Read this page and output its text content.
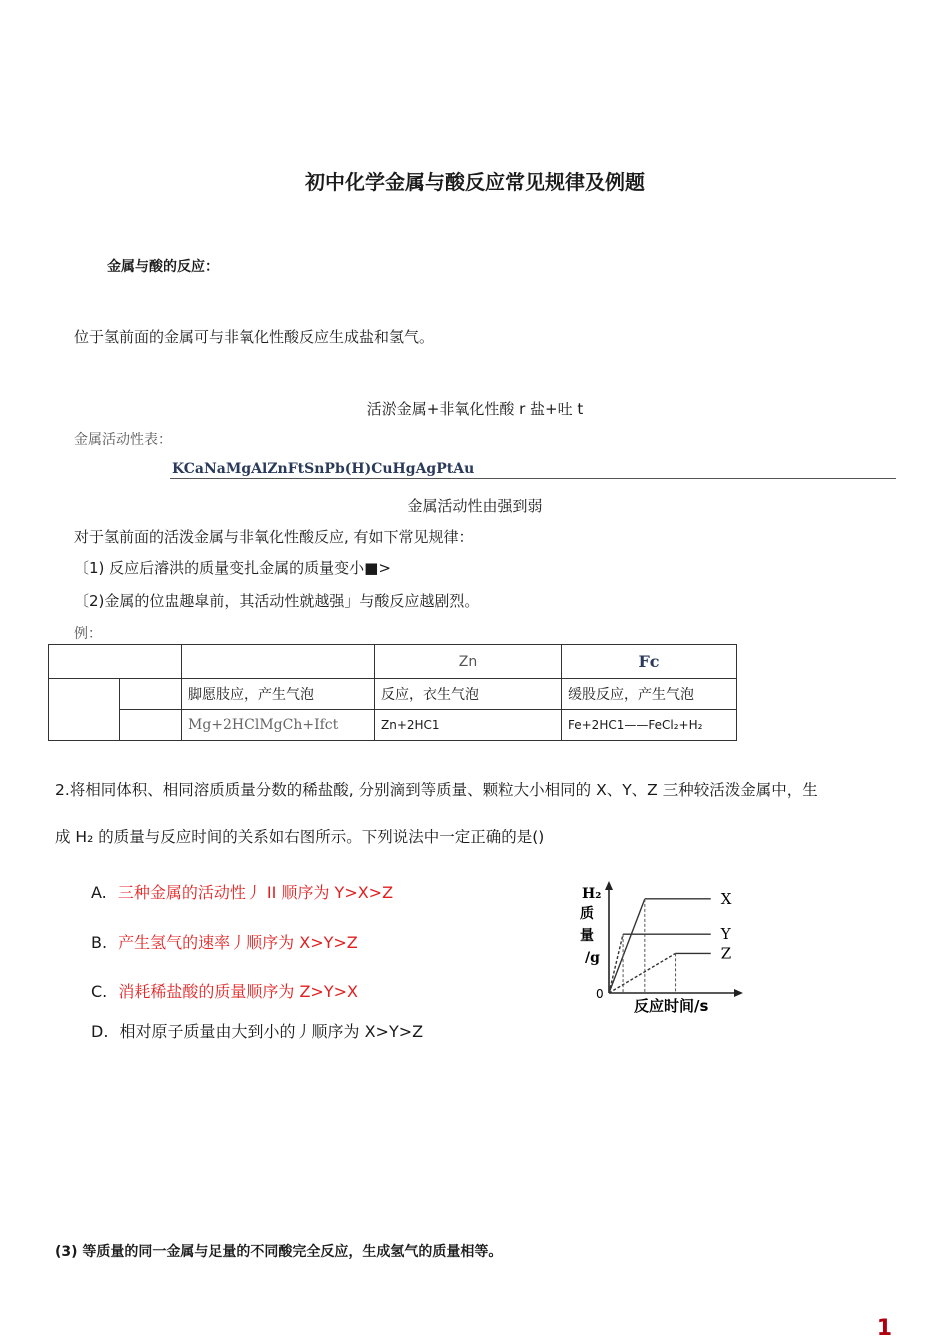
初中化学金属与酸反应常见规律及例题
金属与酸的反应：
位于氢前面的金属可与非氧化性酸反应生成盐和氢气。
活淤金属+非氧化性酸 r 盐+吐 t
金属活动性表：
KCaNaMgAlZnFtSnPb(H)CuHgAgPtAu
金属活动性由强到弱
对于氢前面的活泼金属与非氧化性酸反应, 有如下常见规律：
〔1) 反应后濬洪的质量变扎金属的质量变小■>
〔2)金属的位盅趣皐前，其活动性就越强」与酸反应越剧烈。
例：
			Zn	Fc
		脚愿肢应，产生气泡	反应，衣生气泡	缓股反应，产生气泡
		Mg+2HClMgCh+Ifct	Zn+2HC1	Fe+2HC1——FeCl₂+H₂
2.将相同体积、相同溶质质量分数的稀盐酸, 分别滴到等质量、颗粒大小相同的 X、Y、Z 三种较活泼金属中，生
成 H₂ 的质量与反应时间的关系如右图所示。下列说法中一定正确的是()
A. 三种金属的活动性丿 II 顺序为 Y>X>Z
B. 产生氢气的速率丿顺序为 X>Y>Z
C. 消耗稀盐酸的质量顺序为 Z>Y>X
D. 相对原子质量由大到小的丿顺序为 X>Y>Z
H₂
质
量
/g
0
反应时间/s
X
Y
Z
(3) 等质量的同一金属与足量的不同酸完全反应，生成氢气的质量相等。
1
